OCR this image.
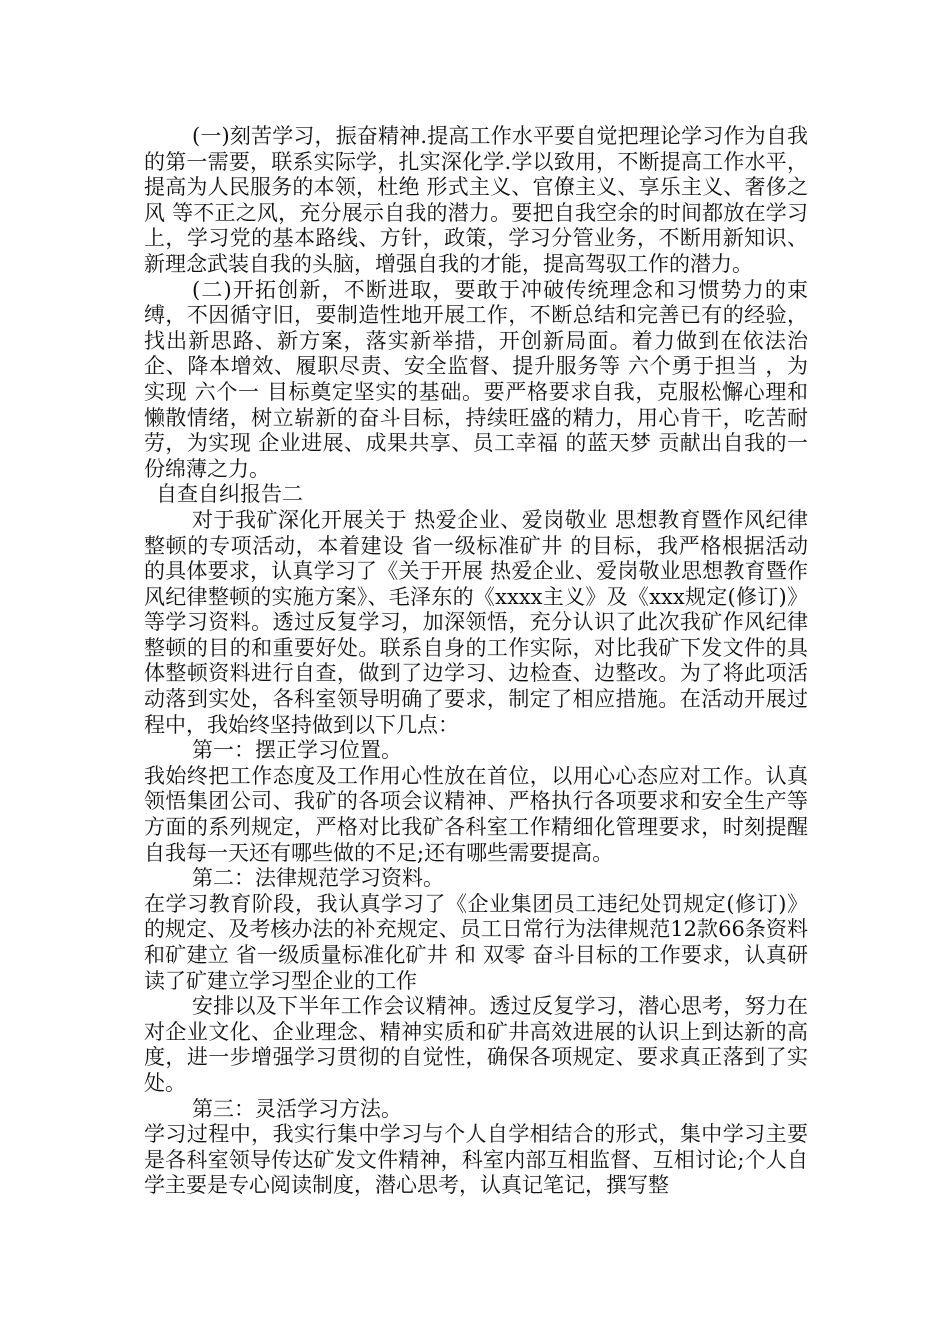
(一)刻苦学习，振奋精神.提高工作水平要自觉把理论学习作为自我的第一需要，联系实际学，扎实深化学.学以致用，不断提高工作水平，提高为人民服务的本领，杜绝 形式主义、官僚主义、享乐主义、奢侈之风 等不正之风，充分展示自我的潜力。要把自我空余的时间都放在学习上，学习党的基本路线、方针，政策，学习分管业务，不断用新知识、新理念武装自我的头脑，增强自我的才能，提高驾驭工作的潜力。

(二)开拓创新，不断进取，要敢于冲破传统理念和习惯势力的束缚，不因循守旧，要制造性地开展工作，不断总结和完善已有的经验，找出新思路、新方案，落实新举措，开创新局面。着力做到在依法治企、降本增效、履职尽责、安全监督、提升服务等 六个勇于担当 ，为实现 六个一 目标奠定坚实的基础。要严格要求自我，克服松懈心理和懒散情绪，树立崭新的奋斗目标，持续旺盛的精力，用心肯干，吃苦耐劳，为实现 企业进展、成果共享、员工幸福 的蓝天梦 贡献出自我的一份绵薄之力。

自查自纠报告二

对于我矿深化开展关于 热爱企业、爱岗敬业 思想教育暨作风纪律整顿的专项活动，本着建设 省一级标准矿井 的目标，我严格根据活动的具体要求，认真学习了《关于开展 热爱企业、爱岗敬业思想教育暨作风纪律整顿的实施方案》、毛泽东的《xxxx主义》及《xxx规定(修订)》等学习资料。透过反复学习，加深领悟，充分认识了此次我矿作风纪律整顿的目的和重要好处。联系自身的工作实际，对比我矿下发文件的具体整顿资料进行自查，做到了边学习、边检查、边整改。为了将此项活动落到实处，各科室领导明确了要求，制定了相应措施。在活动开展过程中，我始终坚持做到以下几点：

第一：摆正学习位置。

我始终把工作态度及工作用心性放在首位，以用心心态应对工作。认真领悟集团公司、我矿的各项会议精神、严格执行各项要求和安全生产等方面的系列规定，严格对比我矿各科室工作精细化管理要求，时刻提醒自我每一天还有哪些做的不足;还有哪些需要提高。

第二：法律规范学习资料。

在学习教育阶段，我认真学习了《企业集团员工违纪处罚规定(修订)》的规定、及考核办法的补充规定、员工日常行为法律规范12款66条资料和矿建立 省一级质量标准化矿井 和 双零 奋斗目标的工作要求，认真研读了矿建立学习型企业的工作

安排以及下半年工作会议精神。透过反复学习，潜心思考，努力在对企业文化、企业理念、精神实质和矿井高效进展的认识上到达新的高度，进一步增强学习贯彻的自觉性，确保各项规定、要求真正落到了实处。

第三：灵活学习方法。

学习过程中，我实行集中学习与个人自学相结合的形式，集中学习主要是各科室领导传达矿发文件精神，科室内部互相监督、互相讨论;个人自学主要是专心阅读制度，潜心思考，认真记笔记，撰写整
